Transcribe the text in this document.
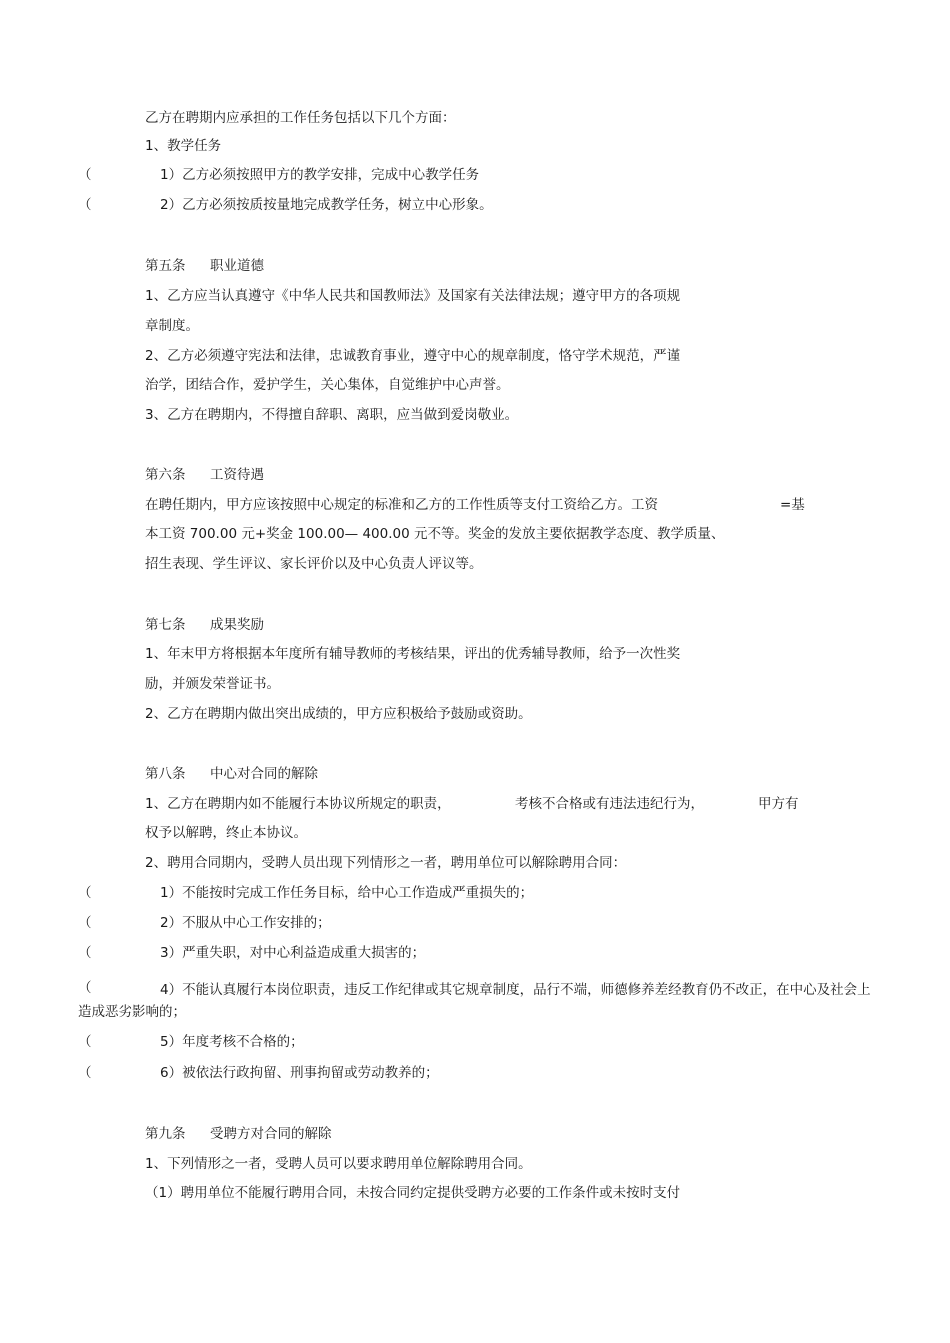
乙方在聘期内应承担的工作任务包括以下几个方面：
1、教学任务
（	1）乙方必须按照甲方的教学安排，完成中心教学任务
（	2）乙方必须按质按量地完成教学任务，树立中心形象。
第五条 职业道德
1、乙方应当认真遵守《中华人民共和国教师法》及国家有关法律法规；遵守甲方的各项规
章制度。
2、乙方必须遵守宪法和法律，忠诚教育事业，遵守中心的规章制度，恪守学术规范，严谨
治学，团结合作，爱护学生，关心集体，自觉维护中心声誉。
3、乙方在聘期内，不得擅自辞职、离职，应当做到爱岗敬业。
第六条 工资待遇
在聘任期内，甲方应该按照中心规定的标准和乙方的工作性质等支付工资给乙方。工资	=基
本工资 700.00 元+奖金 100.00— 400.00 元不等。奖金的发放主要依据教学态度、教学质量、
招生表现、学生评议、家长评价以及中心负责人评议等。
第七条 成果奖励
1、年末甲方将根据本年度所有辅导教师的考核结果，评出的优秀辅导教师，给予一次性奖
励，并颁发荣誉证书。
2、乙方在聘期内做出突出成绩的，甲方应积极给予鼓励或资助。
第八条 中心对合同的解除
1、乙方在聘期内如不能履行本协议所规定的职责，	考核不合格或有违法违纪行为，	甲方有
权予以解聘，终止本协议。
2、聘用合同期内，受聘人员出现下列情形之一者，聘用单位可以解除聘用合同：
（	1）不能按时完成工作任务目标，给中心工作造成严重损失的；
（	2）不服从中心工作安排的；
（	3）严重失职，对中心利益造成重大损害的；
（	4）不能认真履行本岗位职责，违反工作纪律或其它规章制度，品行不端，师德修养差经教育仍不改正，在中心及社会上造成恶劣影响的；
（	5）年度考核不合格的；
（	6）被依法行政拘留、刑事拘留或劳动教养的；
第九条 受聘方对合同的解除
1、下列情形之一者，受聘人员可以要求聘用单位解除聘用合同。
（1）聘用单位不能履行聘用合同，未按合同约定提供受聘方必要的工作条件或未按时支付
